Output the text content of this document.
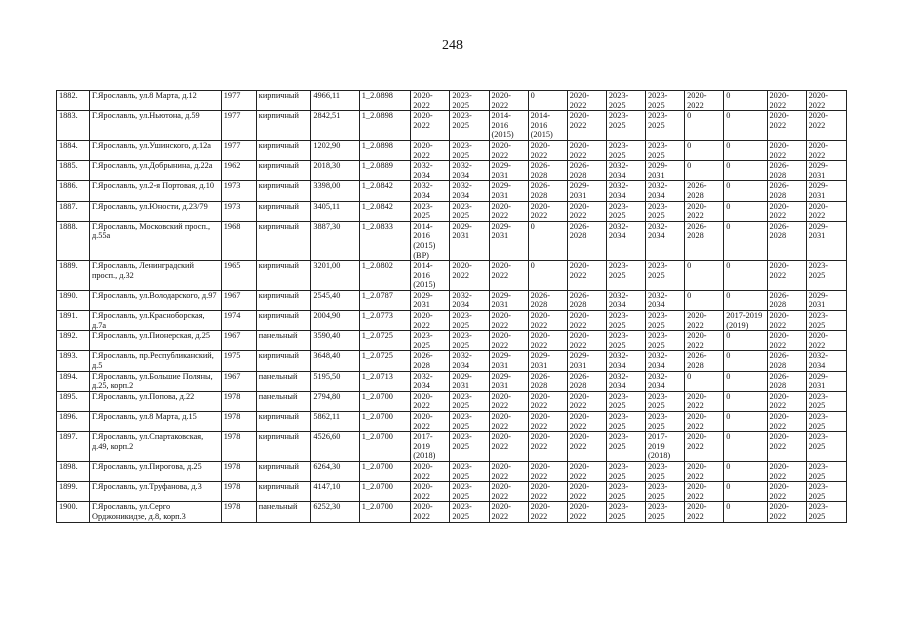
248
1882.	Г.Ярославль, ул.8 Марта, д.12	1977	кирпичный	4966,11	1_2.0898	2020-2022	2023-2025	2020-2022	0	2020-2022	2023-2025	2023-2025	2020-2022	0	2020-2022	2020-2022
1883.	Г.Ярославль, ул.Ньютона, д.59	1977	кирпичный	2842,51	1_2.0898	2020-2022	2023-2025	2014-2016 (2015)	2014-2016 (2015)	2020-2022	2023-2025	2023-2025	0	0	2020-2022	2020-2022
1884.	Г.Ярославль, ул.Ушинского, д.12а	1977	кирпичный	1202,90	1_2.0898	2020-2022	2023-2025	2020-2022	2020-2022	2020-2022	2023-2025	2023-2025	0	0	2020-2022	2020-2022
1885.	Г.Ярославль, ул.Добрынина, д.22а	1962	кирпичный	2018,30	1_2.0889	2032-2034	2032-2034	2029-2031	2026-2028	2026-2028	2032-2034	2029-2031	0	0	2026-2028	2029-2031
1886.	Г.Ярославль, ул.2-я Портовая, д.10	1973	кирпичный	3398,00	1_2.0842	2032-2034	2032-2034	2029-2031	2026-2028	2029-2031	2032-2034	2032-2034	2026-2028	0	2026-2028	2029-2031
1887.	Г.Ярославль, ул.Юности, д.23/79	1973	кирпичный	3405,11	1_2.0842	2023-2025	2023-2025	2020-2022	2020-2022	2020-2022	2023-2025	2023-2025	2020-2022	0	2020-2022	2020-2022
1888.	Г.Ярославль, Московский просп., д.55а	1968	кирпичный	3887,30	1_2.0833	2014-2016 (2015) (ВР)	2029-2031	2029-2031	0	2026-2028	2032-2034	2032-2034	2026-2028	0	2026-2028	2029-2031
1889.	Г.Ярославль, Ленинградский просп., д.32	1965	кирпичный	3201,00	1_2.0802	2014-2016 (2015)	2020-2022	2020-2022	0	2020-2022	2023-2025	2023-2025	0	0	2020-2022	2023-2025
1890.	Г.Ярославль, ул.Володарского, д.97	1967	кирпичный	2545,40	1_2.0787	2029-2031	2032-2034	2029-2031	2026-2028	2026-2028	2032-2034	2032-2034	0	0	2026-2028	2029-2031
1891.	Г.Ярославль, ул.Красноборская, д.7а	1974	кирпичный	2004,90	1_2.0773	2020-2022	2023-2025	2020-2022	2020-2022	2020-2022	2023-2025	2023-2025	2020-2022	2017-2019 (2019)	2020-2022	2023-2025
1892.	Г.Ярославль, ул.Пионерская, д.25	1967	панельный	3590,40	1_2.0725	2023-2025	2023-2025	2020-2022	2020-2022	2020-2022	2023-2025	2023-2025	2020-2022	0	2020-2022	2020-2022
1893.	Г.Ярославль, пр.Республиканский, д.5	1975	кирпичный	3648,40	1_2.0725	2026-2028	2032-2034	2029-2031	2029-2031	2029-2031	2032-2034	2032-2034	2026-2028	0	2026-2028	2032-2034
1894.	Г.Ярославль, ул.Большие Поляны, д.25, корп.2	1967	панельный	5195,50	1_2.0713	2032-2034	2029-2031	2029-2031	2026-2028	2026-2028	2032-2034	2032-2034	0	0	2026-2028	2029-2031
1895.	Г.Ярославль, ул.Попова, д.22	1978	панельный	2794,80	1_2.0700	2020-2022	2023-2025	2020-2022	2020-2022	2020-2022	2023-2025	2023-2025	2020-2022	0	2020-2022	2023-2025
1896.	Г.Ярославль, ул.8 Марта, д.15	1978	кирпичный	5862,11	1_2.0700	2020-2022	2023-2025	2020-2022	2020-2022	2020-2022	2023-2025	2023-2025	2020-2022	0	2020-2022	2023-2025
1897.	Г.Ярославль, ул.Спартаковская, д.49, корп.2	1978	кирпичный	4526,60	1_2.0700	2017-2019 (2018)	2023-2025	2020-2022	2020-2022	2020-2022	2023-2025	2017-2019 (2018)	2020-2022	0	2020-2022	2023-2025
1898.	Г.Ярославль, ул.Пирогова, д.25	1978	кирпичный	6264,30	1_2.0700	2020-2022	2023-2025	2020-2022	2020-2022	2020-2022	2023-2025	2023-2025	2020-2022	0	2020-2022	2023-2025
1899.	Г.Ярославль, ул.Труфанова, д.3	1978	кирпичный	4147,10	1_2.0700	2020-2022	2023-2025	2020-2022	2020-2022	2020-2022	2023-2025	2023-2025	2020-2022	0	2020-2022	2023-2025
1900.	Г.Ярославль, ул.Серго Орджоникидзе, д.8, корп.3	1978	панельный	6252,30	1_2.0700	2020-2022	2023-2025	2020-2022	2020-2022	2020-2022	2023-2025	2023-2025	2020-2022	0	2020-2022	2023-2025
